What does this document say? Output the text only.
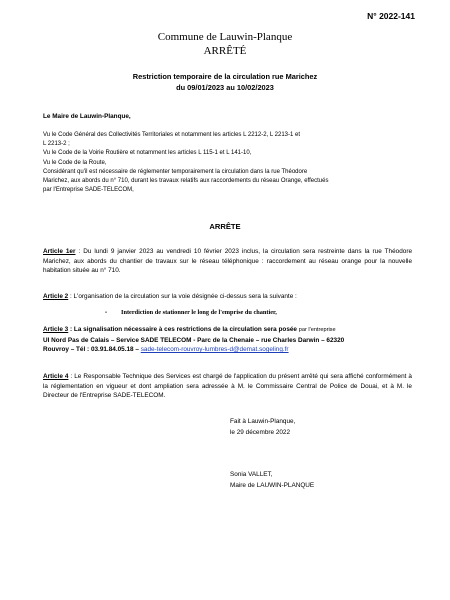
N° 2022-141
Commune de Lauwin-Planque
ARRÊTÉ
Restriction temporaire de la circulation rue Marichez
du 09/01/2023 au 10/02/2023
Le Maire de Lauwin-Planque,
Vu le Code Général des Collectivités Territoriales et notamment les articles L 2212-2, L 2213-1 et
L 2213-2 ;
Vu le Code de la Voirie Routière et notamment les articles L 115-1 et L 141-10,
Vu le Code de la Route,
Considérant qu'il est nécessaire de réglementer temporairement la circulation dans la rue Théodore
Marichez, aux abords du n° 710, durant les travaux relatifs aux raccordements du réseau Orange, effectués
par l'Entreprise SADE-TELECOM,
ARRÊTE
Article 1er : Du lundi 9 janvier 2023 au vendredi 10 février 2023 inclus, la circulation sera restreinte dans la rue Théodore Marichez, aux abords du chantier de travaux sur le réseau téléphonique : raccordement au réseau orange pour la nouvelle habitation située au n° 710.
Article 2 : L'organisation de la circulation sur la voie désignée ci-dessus sera la suivante :
- Interdiction de stationner le long de l'emprise du chantier,
Article 3 : La signalisation nécessaire à ces restrictions de la circulation sera posée par l'entreprise
UI Nord Pas de Calais – Service SADE TELECOM - Parc de la Chenaie – rue Charles Darwin – 62320
Rouvroy – Tél : 03.91.84.05.18 – sade-telecom-rouvroy-lumbres-d@demat.sogeling.fr
Article 4 : Le Responsable Technique des Services est chargé de l'application du présent arrêté qui sera affiché conformément à la réglementation en vigueur et dont ampliation sera adressée à M. le Commissaire Central de Police de Douai, et à M. le Directeur de l'Entreprise SADE-TELECOM.
Fait à Lauwin-Planque,
le 29 décembre 2022
Sonia VALLET,
Maire de LAUWIN-PLANQUE
